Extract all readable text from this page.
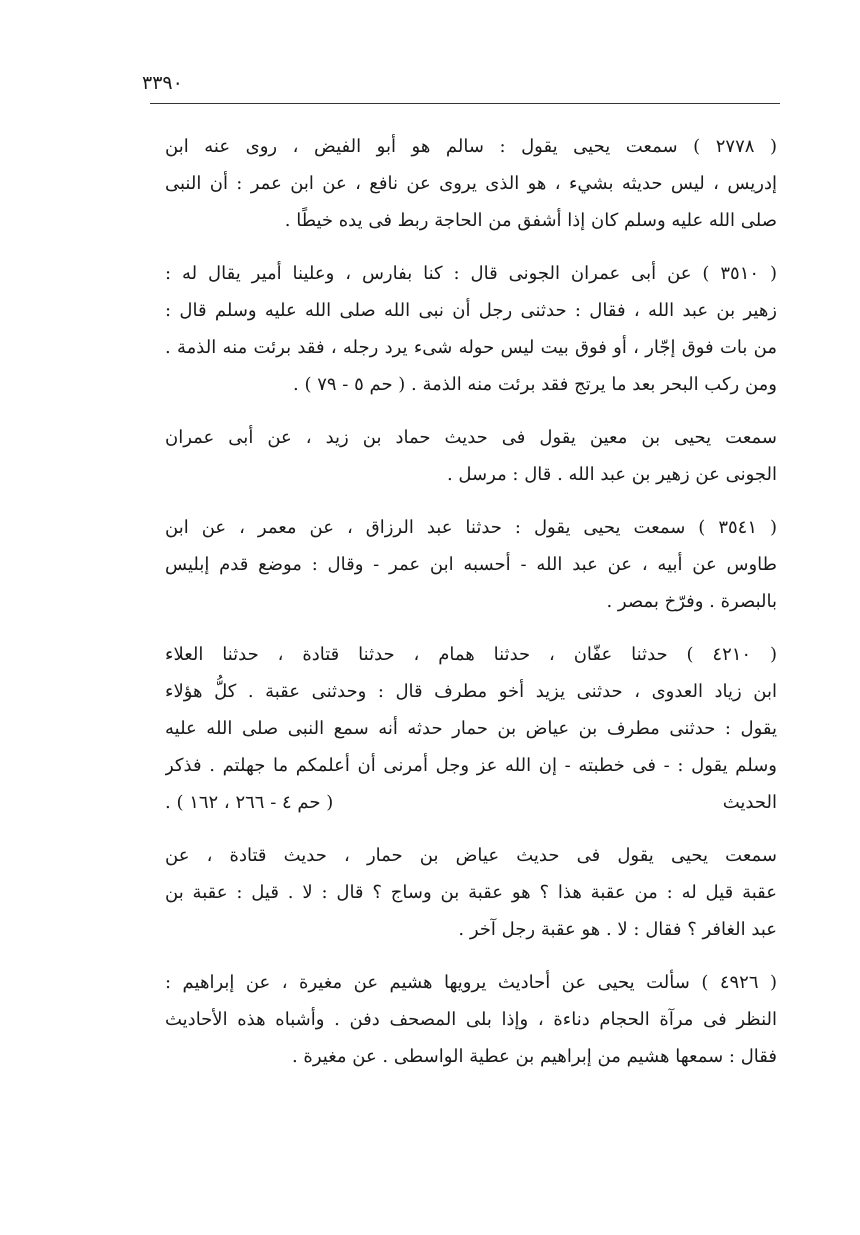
٣٣٩٠
( ٢٧٧٨ ) سمعت يحيى يقول : سالم هو أبو الفيض ، روى عنه ابن
إدريس ، ليس حديثه بشيء ، هو الذى يروى عن نافع ، عن ابن عمر : أن النبى
صلى الله عليه وسلم كان إذا أشفق من الحاجة ربط فى يده خيطًا .
( ٣٥١٠ ) عن أبى عمران الجونى قال : كنا بفارس ، وعلينا أمير يقال له :
زهير بن عبد الله ، فقال : حدثنى رجل أن نبى الله صلى الله عليه وسلم قال :
من بات فوق إجّار ، أو فوق بيت ليس حوله شىء يرد رجله ، فقد برئت منه الذمة .
ومن ركب البحر بعد ما يرتج فقد برئت منه الذمة . ( حم ٥ - ٧٩ ) .
سمعت يحيى بن معين يقول فى حديث حماد بن زيد ، عن أبى عمران
الجونى عن زهير بن عبد الله . قال : مرسل .
( ٣٥٤١ ) سمعت يحيى يقول : حدثنا عبد الرزاق ، عن معمر ، عن ابن
طاوس عن أبيه ، عن عبد الله - أحسبه ابن عمر - وقال : موضع قدم إبليس
بالبصرة . وفرّخ بمصر .
( ٤٢١٠ ) حدثنا عفّان ، حدثنا همام ، حدثنا قتادة ، حدثنا العلاء
ابن زياد العدوى ، حدثنى يزيد أخو مطرف قال : وحدثنى عقبة . كلُّ هؤلاء
يقول : حدثنى مطرف بن عياض بن حمار حدثه أنه سمع النبى صلى الله عليه
وسلم يقول : - فى خطبته - إن الله عز وجل أمرنى أن أعلمكم ما جهلتم . فذكر
الحديث
( حم ٤ - ٢٦٦ ، ١٦٢ ) .
سمعت يحيى يقول فى حديث عياض بن حمار ، حديث قتادة ، عن
عقبة قيل له : من عقبة هذا ؟ هو عقبة بن وساج ؟ قال : لا . قيل : عقبة بن
عبد الغافر ؟ فقال : لا . هو عقبة رجل آخر .
( ٤٩٢٦ ) سألت يحيى عن أحاديث يرويها هشيم عن مغيرة ، عن إبراهيم :
النظر فى مرآة الحجام دناءة ، وإذا بلى المصحف دفن . وأشباه هذه الأحاديث
فقال : سمعها هشيم من إبراهيم بن عطية الواسطى . عن مغيرة .
